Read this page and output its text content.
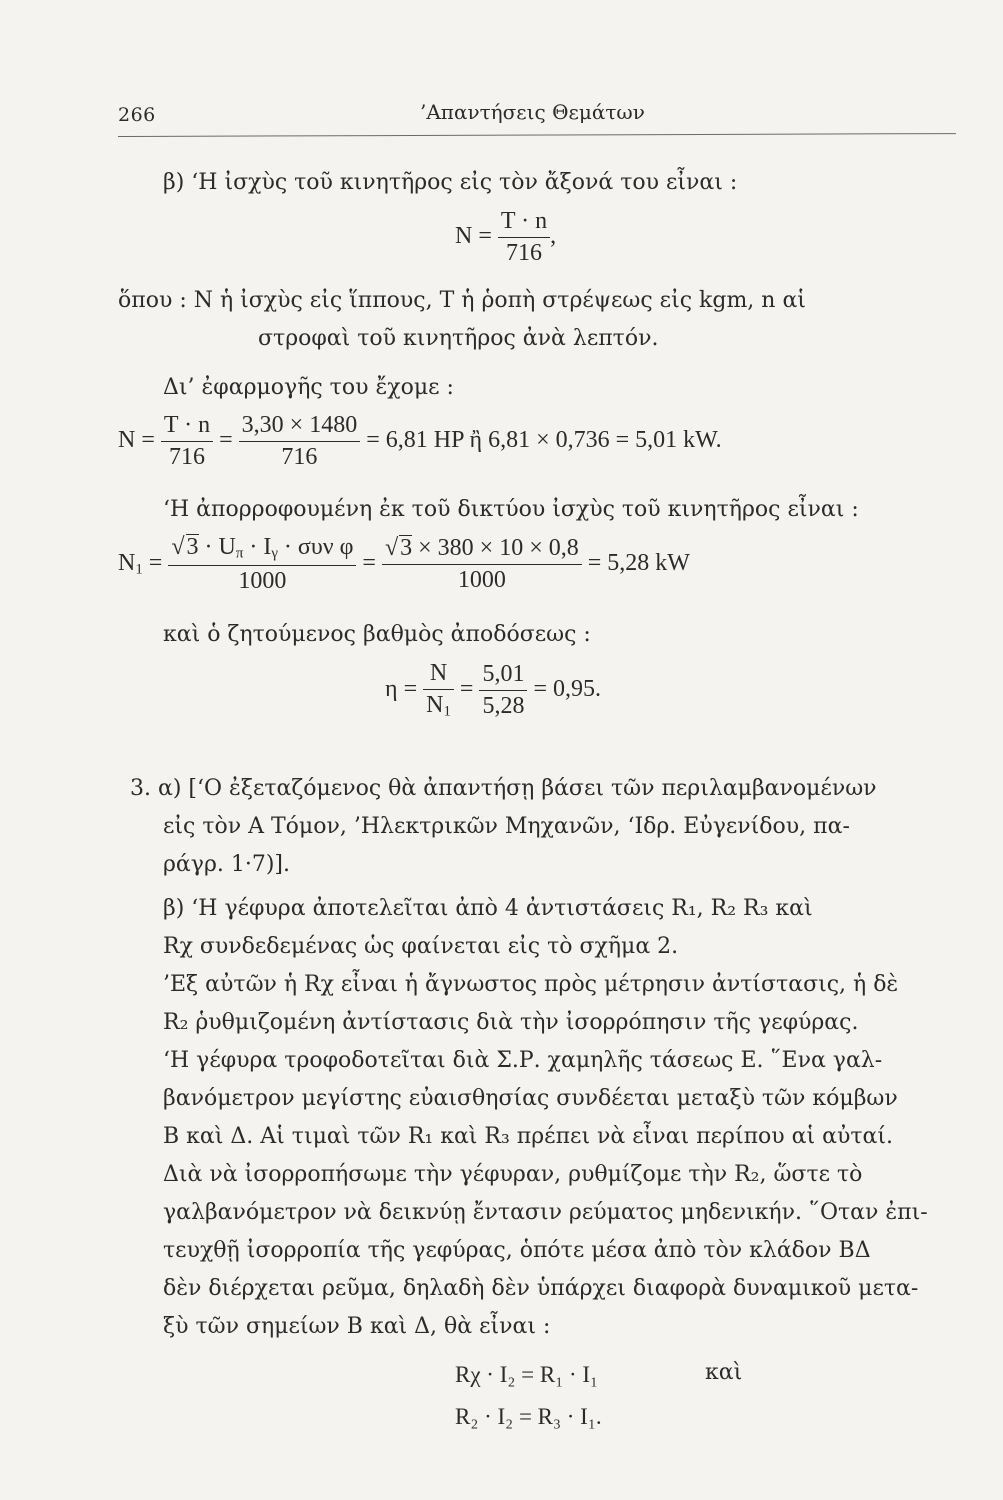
266	’Απαντήσεις Θεμάτων
β) ‘Η ἰσχὺς τοῦ κινητῆρος εἰς τὸν ἄξονά του εἶναι :
$N = \frac{T \cdot n}{716}$ ,
ὅπου : N ἡ ἰσχὺς εἰς ἵππους, T ἡ ῥοπὴ στρέψεως εἰς kgm, n αἱ
στροφαὶ τοῦ κινητῆρος ἀνὰ λεπτόν.
Δι’ ἐφαρμογῆς του ἔχομε :
$N = \frac{T \cdot n}{716} = \frac{3,30 \times 1480}{716} = 6,81$ HP ἢ 6,81 × 0,736 = 5,01 kW.
‘Η ἀπορροφουμένη ἐκ τοῦ δικτύου ἰσχὺς τοῦ κινητῆρος εἶναι :
$N_1 = \frac{√3 \cdot U_\pi \cdot I_\gamma \cdot \sigma\upsilon\nu \varphi}{1000} = \frac{√3 \times 380 \times 10 \times 0,8}{1000} = 5,28$ kW
καὶ ὁ ζητούμενος βαθμὸς ἀποδόσεως :
$\eta = \frac{N}{N_1} = \frac{5,01}{5,28} = 0,95$.
3. α) [‘Ο ἐξεταζόμενος θὰ ἀπαντήσῃ βάσει τῶν περιλαμβανομένων
εἰς τὸν Α Τόμον, ’Ηλεκτρικῶν Μηχανῶν, ‘Ιδρ. Εὐγενίδου, πα-
ράγρ. 1·7)].
β) ‘Η γέφυρα ἀποτελεῖται ἀπὸ 4 ἀντιστάσεις R₁, R₂ R₃ καὶ
Rχ συνδεδεμένας ὡς φαίνεται εἰς τὸ σχῆμα 2.
’Εξ αὐτῶν ἡ Rχ εἶναι ἡ ἄγνωστος πρὸς μέτρησιν ἀντίστασις, ἡ δὲ
R₂ ῥυθμιζομένη ἀντίστασις διὰ τὴν ἰσορρόπησιν τῆς γεφύρας.
‘Η γέφυρα τροφοδοτεῖται διὰ Σ.Ρ. χαμηλῆς τάσεως E. ῞Ενα γαλ-
βανόμετρον μεγίστης εὐαισθησίας συνδέεται μεταξὺ τῶν κόμβων
B καὶ Δ. Αἱ τιμαὶ τῶν R₁ καὶ R₃ πρέπει νὰ εἶναι περίπου αἱ αὐταί.
Διὰ νὰ ἰσορροπήσωμε τὴν γέφυραν, ρυθμίζομε τὴν R₂, ὥστε τὸ
γαλβανόμετρον νὰ δεικνύῃ ἔντασιν ρεύματος μηδενικήν. ῞Οταν ἐπι-
τευχθῇ ἰσορροπία τῆς γεφύρας, ὁπότε μέσα ἀπὸ τὸν κλάδον BΔ
δὲν διέρχεται ρεῦμα, δηλαδὴ δὲν ὑπάρχει διαφορὰ δυναμικοῦ μετα-
ξὺ τῶν σημείων B καὶ Δ, θὰ εἶναι :
Rχ · I₂ = R₁ · I₁	καὶ
R₂ · I₂ = R₃ · I₁.
